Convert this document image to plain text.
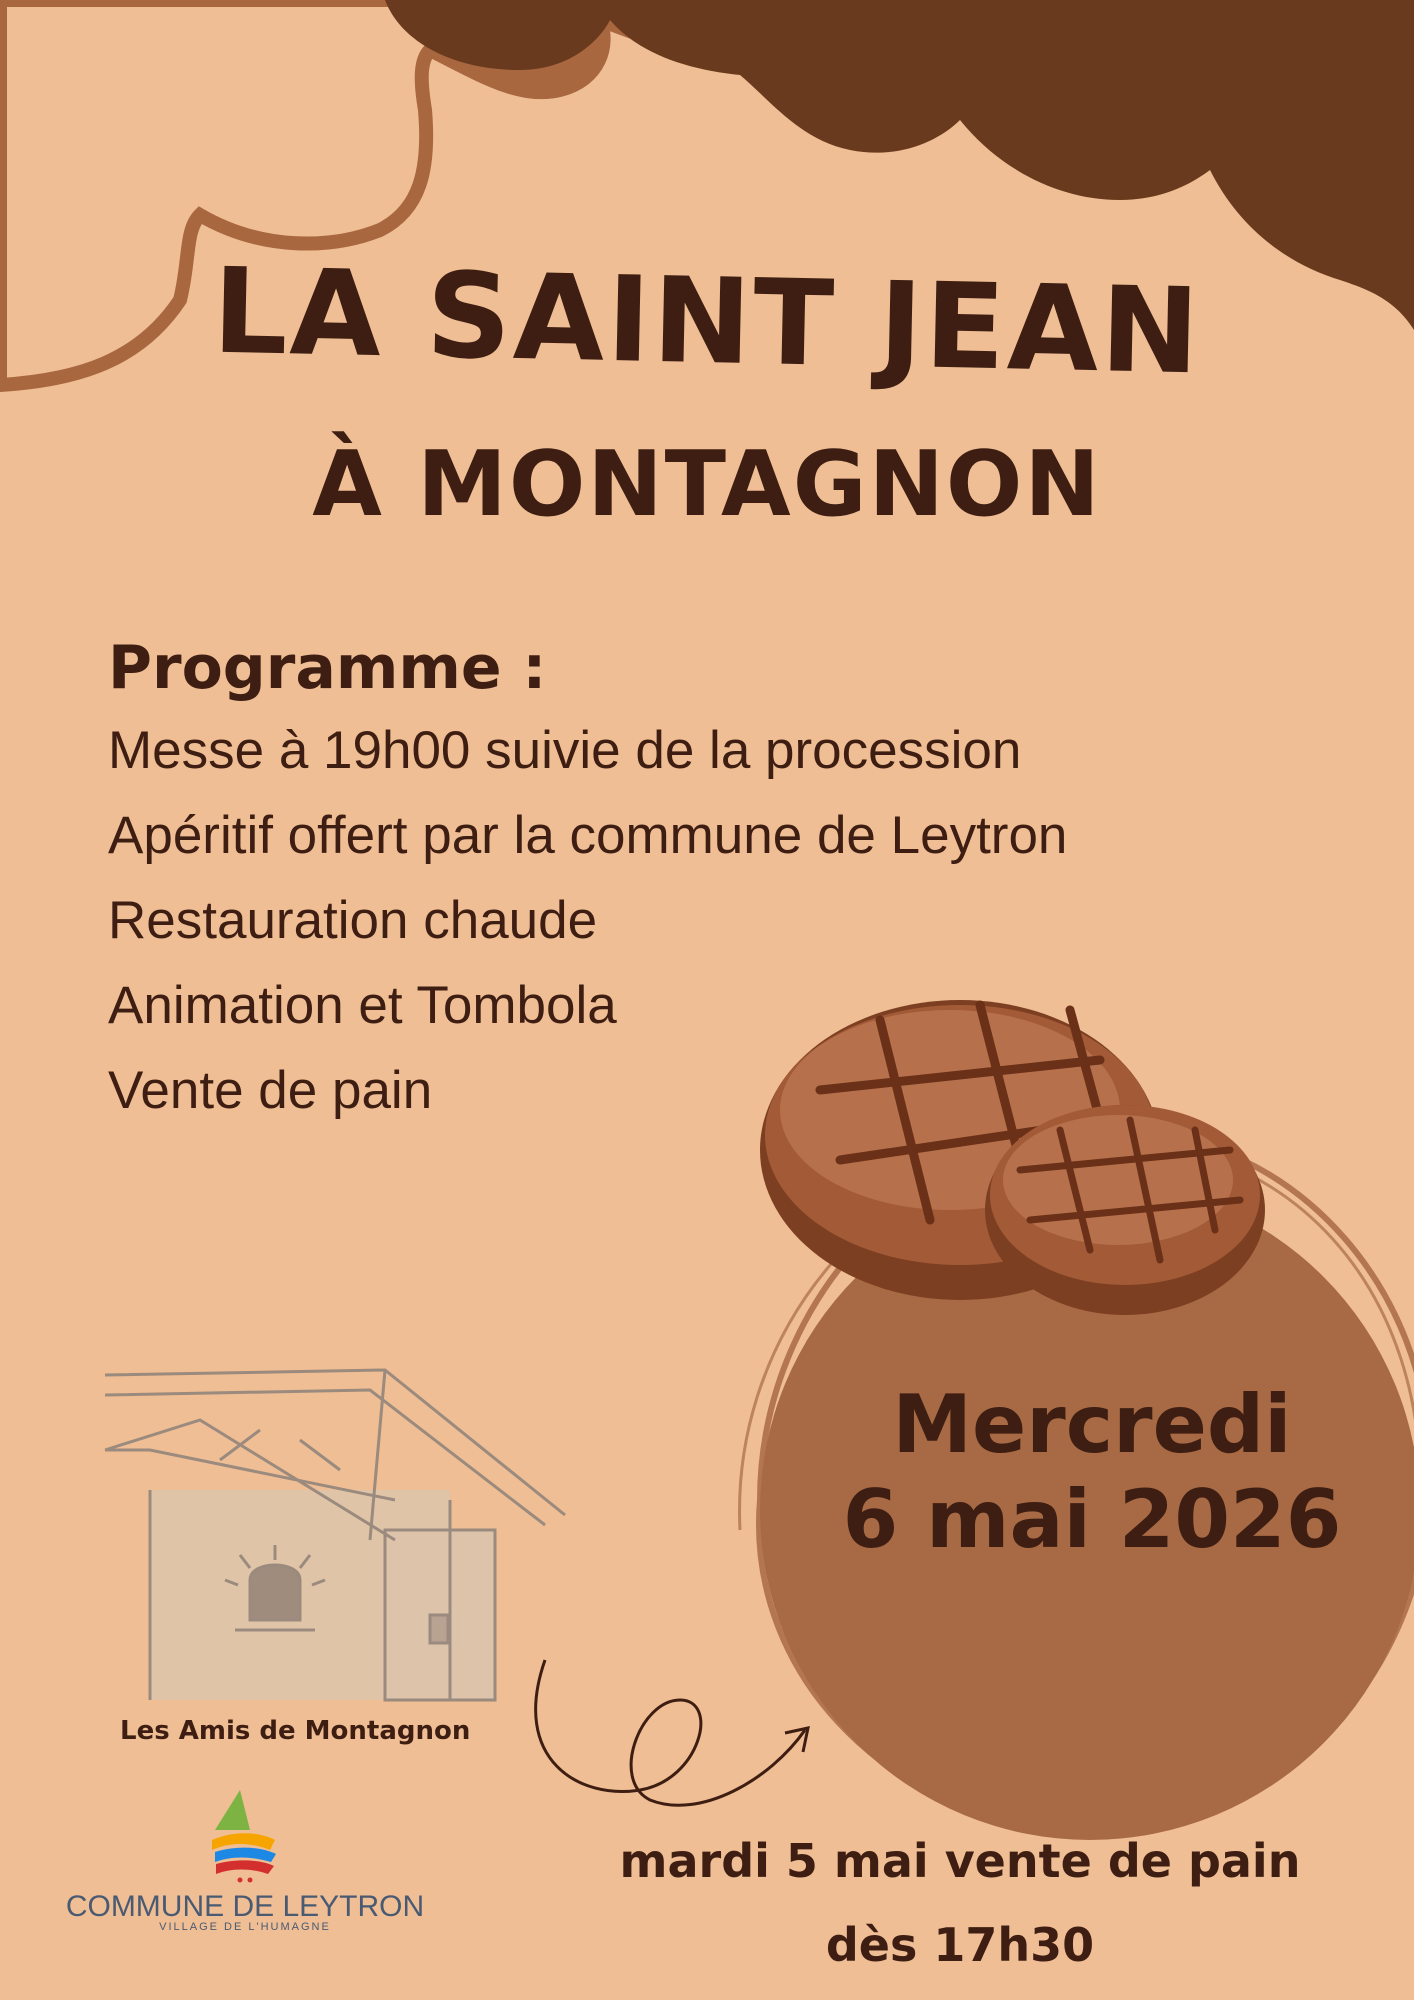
LA SAINT JEAN
À MONTAGNON
Programme :
Messe à 19h00 suivie de la procession
Apéritif offert par la commune de Leytron
Restauration chaude
Animation et Tombola
Vente de pain
Mercredi
6 mai 2026
Les Amis de Montagnon
COMMUNE DE LEYTRON
VILLAGE DE L'HUMAGNE
mardi 5 mai vente de pain
dès 17h30
